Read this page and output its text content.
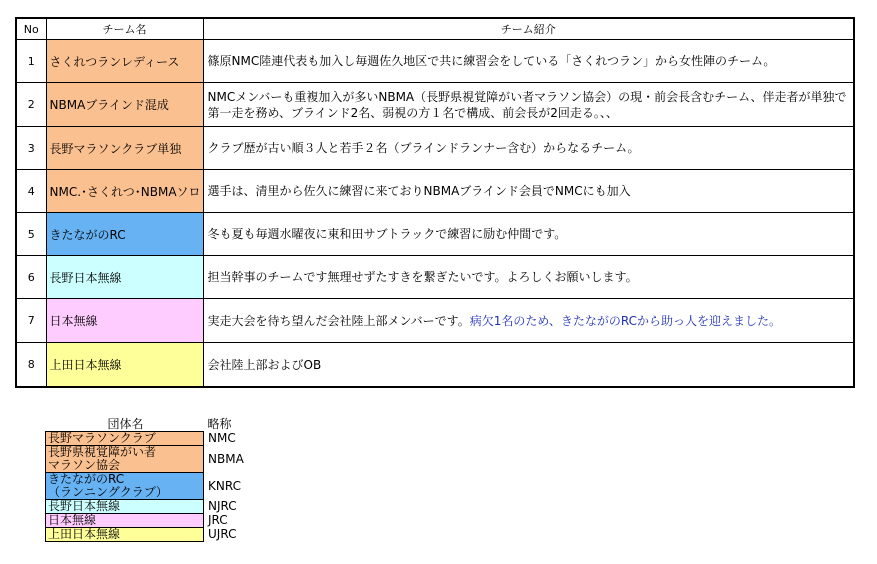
No	チーム名	チーム紹介
1	さくれつランレディース	篠原NMC陸連代表も加入し毎週佐久地区で共に練習会をしている「さくれつラン」から女性陣のチーム。
2	NBMAブラインド混成	NMCメンバーも重複加入が多いNBMA（長野県視覚障がい者マラソン協会）の現・前会長含むチーム、伴走者が単独で第一走を務め、ブラインド2名、弱視の方１名で構成、前会長が2回走る。、、
3	長野マラソンクラブ単独	クラブ歴が古い順３人と若手２名（ブラインドランナー含む）からなるチーム。
4	NMC.･さくれつ･NBMAソロ	選手は、清里から佐久に練習に来ておりNBMAブラインド会員でNMCにも加入
5	きたながのRC	冬も夏も毎週水曜夜に東和田サブトラックで練習に励む仲間です。
6	長野日本無線	担当幹事のチームです無理せずたすきを繋ぎたいです。よろしくお願いします。
7	日本無線	実走大会を待ち望んだ会社陸上部メンバーです。病欠1名のため、きたながのRCから助っ人を迎えました。
8	上田日本無線	会社陸上部およびOB
団体名	略称
長野マラソンクラブ	NMC
長野県視覚障がい者
マラソン協会	NBMA
きたながのRC
（ランニングクラブ）	KNRC
長野日本無線	NJRC
日本無線	JRC
上田日本無線	UJRC
